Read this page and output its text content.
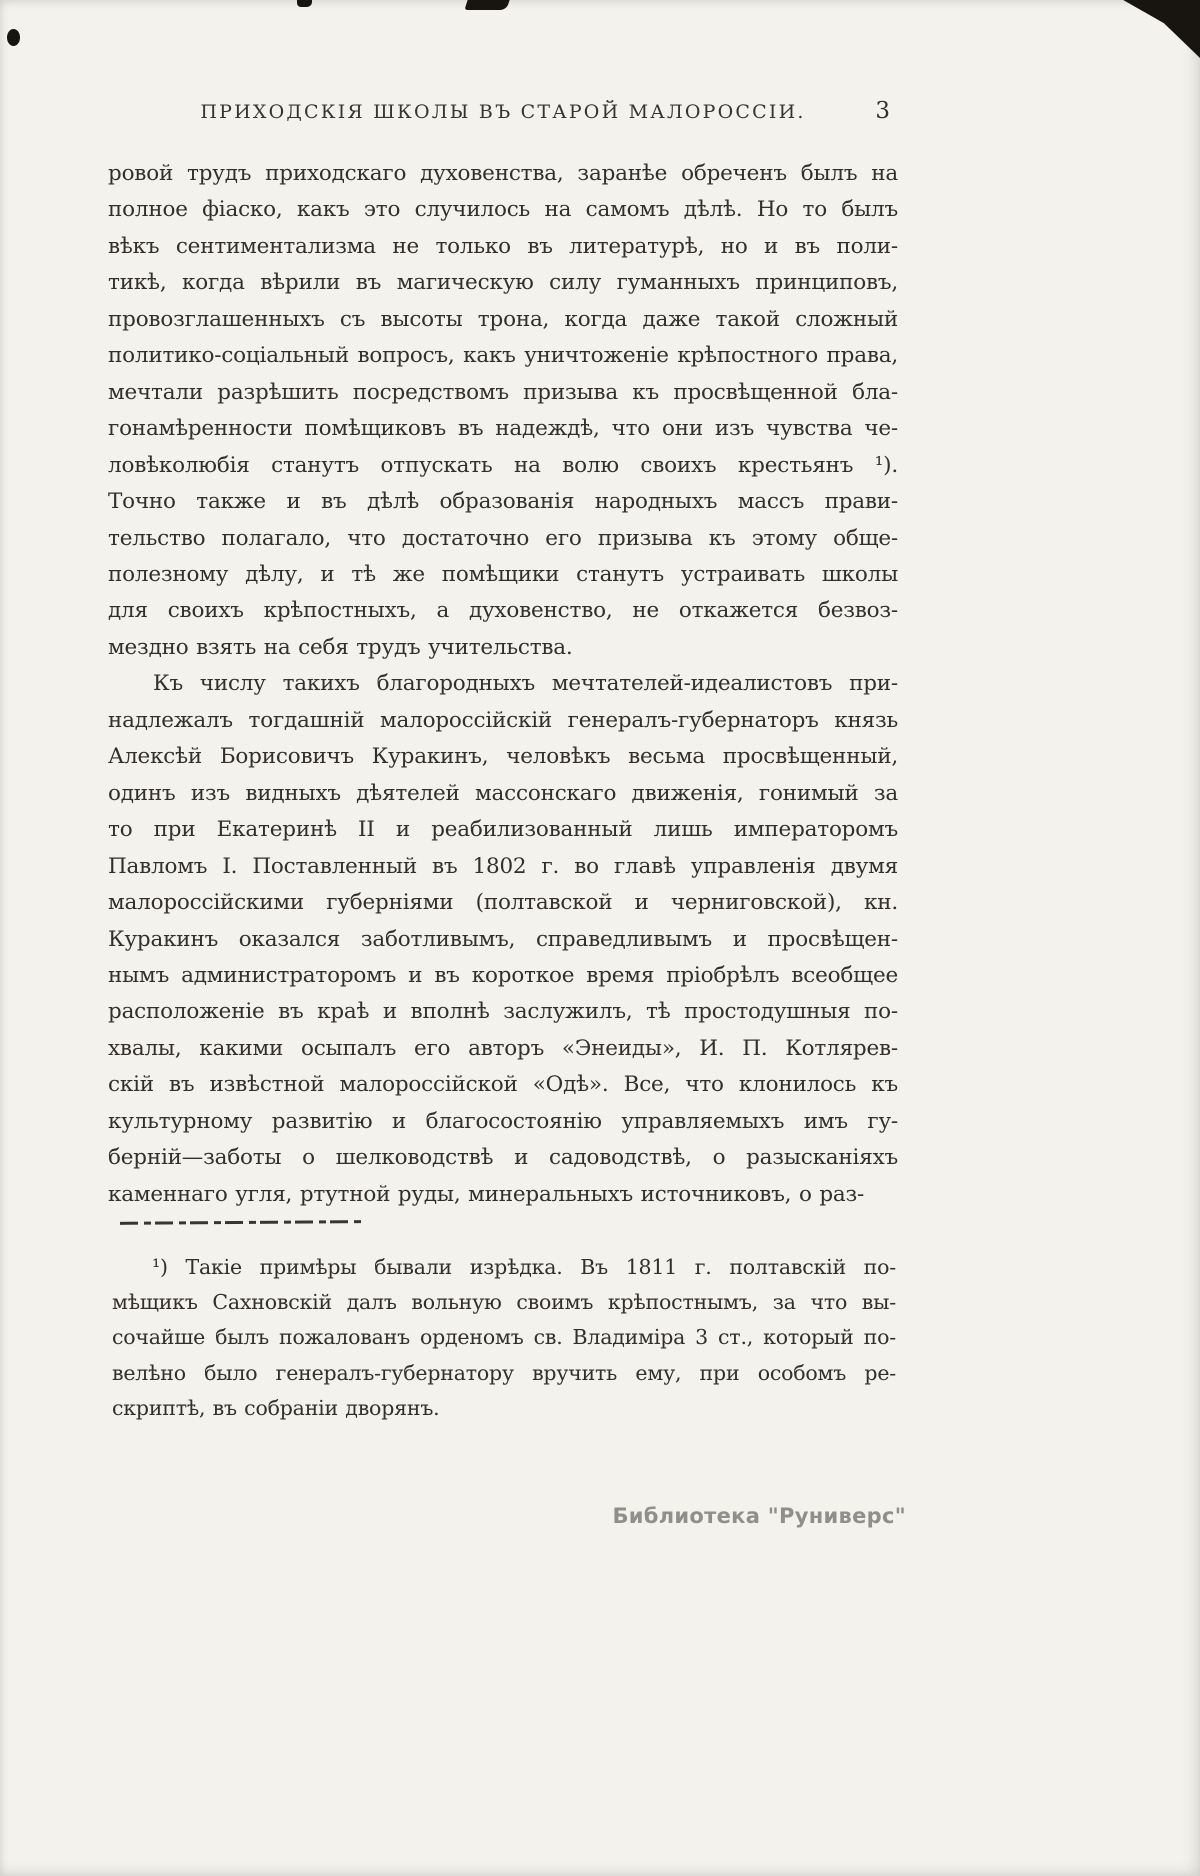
ПРИХОДСКІЯ ШКОЛЫ ВЪ СТАРОЙ МАЛОРОССІИ.	3
ровой трудъ приходскаго духовенства, заранѣе обреченъ былъ на
полное фіаско, какъ это случилось на самомъ дѣлѣ. Но то былъ
вѣкъ сентиментализма не только въ литературѣ, но и въ поли-
тикѣ, когда вѣрили въ магическую силу гуманныхъ принциповъ,
провозглашенныхъ съ высоты трона, когда даже такой сложный
политико-соціальный вопросъ, какъ уничтоженіе крѣпостного права,
мечтали разрѣшить посредствомъ призыва къ просвѣщенной бла-
гонамѣренности помѣщиковъ въ надеждѣ, что они изъ чувства че-
ловѣколюбія станутъ отпускать на волю своихъ крестьянъ ¹).
Точно также и въ дѣлѣ образованія народныхъ массъ прави-
тельство полагало, что достаточно его призыва къ этому обще-
полезному дѣлу, и тѣ же помѣщики станутъ устраивать школы
для своихъ крѣпостныхъ, а духовенство, не откажется безвоз-
мездно взять на себя трудъ учительства.
Къ числу такихъ благородныхъ мечтателей-идеалистовъ при-
надлежалъ тогдашній малороссійскій генералъ-губернаторъ князь
Алексѣй Борисовичъ Куракинъ, человѣкъ весьма просвѣщенный,
одинъ изъ видныхъ дѣятелей массонскаго движенія, гонимый за
то при Екатеринѣ II и реабилизованный лишь императоромъ
Павломъ I. Поставленный въ 1802 г. во главѣ управленія двумя
малороссійскими губерніями (полтавской и черниговской), кн.
Куракинъ оказался заботливымъ, справедливымъ и просвѣщен-
нымъ администраторомъ и въ короткое время пріобрѣлъ всеобщее
расположеніе въ краѣ и вполнѣ заслужилъ, тѣ простодушныя по-
хвалы, какими осыпалъ его авторъ «Энеиды», И. П. Котлярев-
скій въ извѣстной малороссійской «Одѣ». Все, что клонилось къ
культурному развитію и благосостоянію управляемыхъ имъ гу-
берній—заботы о шелководствѣ и садоводствѣ, о разысканіяхъ
каменнаго угля, ртутной руды, минеральныхъ источниковъ, о раз-
¹) Такіе примѣры бывали изрѣдка. Въ 1811 г. полтавскій по-
мѣщикъ Сахновскій далъ вольную своимъ крѣпостнымъ, за что вы-
сочайше былъ пожалованъ орденомъ св. Владиміра 3 ст., который по-
велѣно было генералъ-губернатору вручить ему, при особомъ ре-
скриптѣ, въ собраніи дворянъ.
Библиотека "Руниверс"
